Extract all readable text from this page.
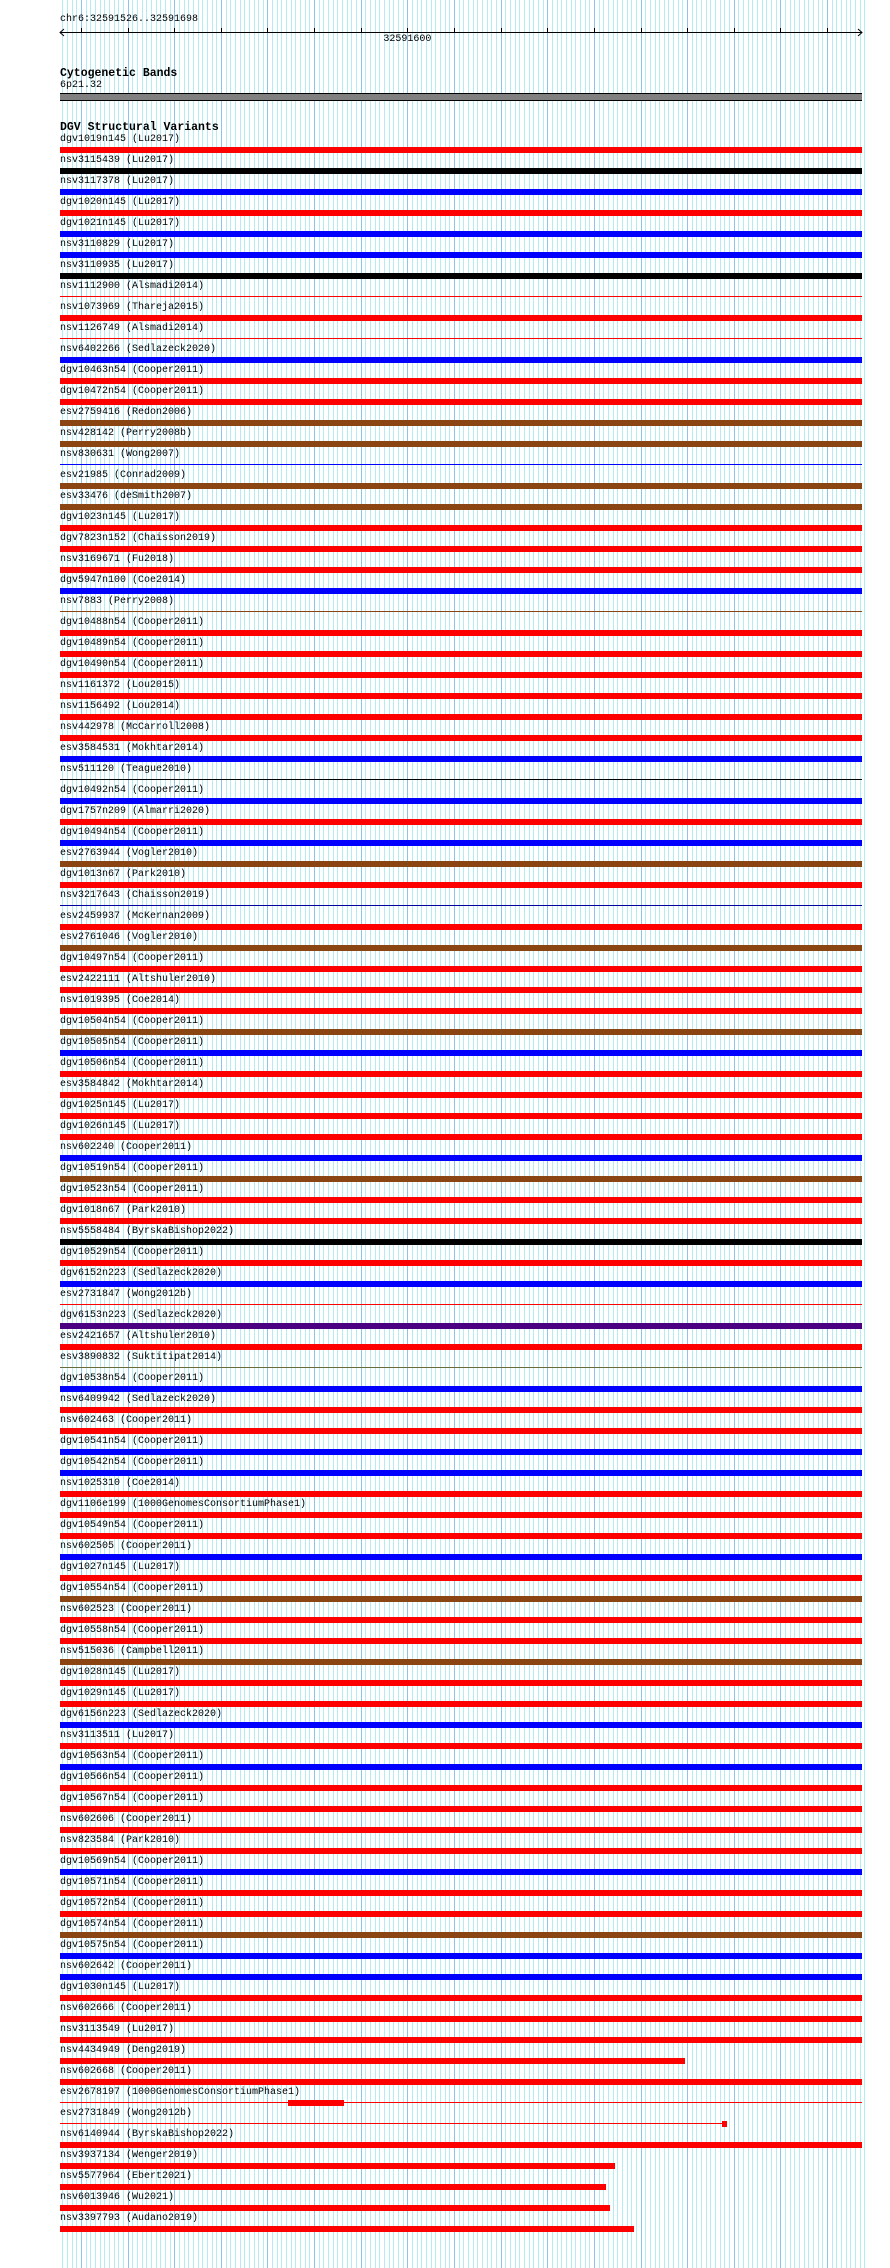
chr6:32591526..32591698
32591600
Cytogenetic Bands
6p21.32
DGV Structural Variants
dgv1019n145 (Lu2017)
nsv3115439 (Lu2017)
nsv3117378 (Lu2017)
dgv1020n145 (Lu2017)
dgv1021n145 (Lu2017)
nsv3110829 (Lu2017)
nsv3110935 (Lu2017)
nsv1112900 (Alsmadi2014)
nsv1073969 (Thareja2015)
nsv1126749 (Alsmadi2014)
nsv6402266 (Sedlazeck2020)
dgv10463n54 (Cooper2011)
dgv10472n54 (Cooper2011)
esv2759416 (Redon2006)
nsv428142 (Perry2008b)
nsv830631 (Wong2007)
esv21985 (Conrad2009)
esv33476 (deSmith2007)
dgv1023n145 (Lu2017)
dgv7823n152 (Chaisson2019)
nsv3169671 (Fu2018)
dgv5947n100 (Coe2014)
nsv7883 (Perry2008)
dgv10488n54 (Cooper2011)
dgv10489n54 (Cooper2011)
dgv10490n54 (Cooper2011)
nsv1161372 (Lou2015)
nsv1156492 (Lou2014)
nsv442978 (McCarroll2008)
esv3584531 (Mokhtar2014)
nsv511120 (Teague2010)
dgv10492n54 (Cooper2011)
dgv1757n209 (Almarri2020)
dgv10494n54 (Cooper2011)
esv2763944 (Vogler2010)
dgv1013n67 (Park2010)
nsv3217643 (Chaisson2019)
esv2459937 (McKernan2009)
esv2761046 (Vogler2010)
dgv10497n54 (Cooper2011)
esv2422111 (Altshuler2010)
nsv1019395 (Coe2014)
dgv10504n54 (Cooper2011)
dgv10505n54 (Cooper2011)
dgv10506n54 (Cooper2011)
esv3584842 (Mokhtar2014)
dgv1025n145 (Lu2017)
dgv1026n145 (Lu2017)
nsv602240 (Cooper2011)
dgv10519n54 (Cooper2011)
dgv10523n54 (Cooper2011)
dgv1018n67 (Park2010)
nsv5558484 (ByrskaBishop2022)
dgv10529n54 (Cooper2011)
dgv6152n223 (Sedlazeck2020)
esv2731847 (Wong2012b)
dgv6153n223 (Sedlazeck2020)
esv2421657 (Altshuler2010)
esv3890832 (Suktitipat2014)
dgv10538n54 (Cooper2011)
nsv6409942 (Sedlazeck2020)
nsv602463 (Cooper2011)
dgv10541n54 (Cooper2011)
dgv10542n54 (Cooper2011)
nsv1025310 (Coe2014)
dgv1106e199 (1000GenomesConsortiumPhase1)
dgv10549n54 (Cooper2011)
nsv602505 (Cooper2011)
dgv1027n145 (Lu2017)
dgv10554n54 (Cooper2011)
nsv602523 (Cooper2011)
dgv10558n54 (Cooper2011)
nsv515036 (Campbell2011)
dgv1028n145 (Lu2017)
dgv1029n145 (Lu2017)
dgv6156n223 (Sedlazeck2020)
nsv3113511 (Lu2017)
dgv10563n54 (Cooper2011)
dgv10566n54 (Cooper2011)
dgv10567n54 (Cooper2011)
nsv602606 (Cooper2011)
nsv823584 (Park2010)
dgv10569n54 (Cooper2011)
dgv10571n54 (Cooper2011)
dgv10572n54 (Cooper2011)
dgv10574n54 (Cooper2011)
dgv10575n54 (Cooper2011)
nsv602642 (Cooper2011)
dgv1030n145 (Lu2017)
nsv602666 (Cooper2011)
nsv3113549 (Lu2017)
nsv4434949 (Deng2019)
nsv602668 (Cooper2011)
esv2678197 (1000GenomesConsortiumPhase1)
esv2731849 (Wong2012b)
nsv6140944 (ByrskaBishop2022)
nsv3937134 (Wenger2019)
nsv5577964 (Ebert2021)
nsv6013946 (Wu2021)
nsv3397793 (Audano2019)
